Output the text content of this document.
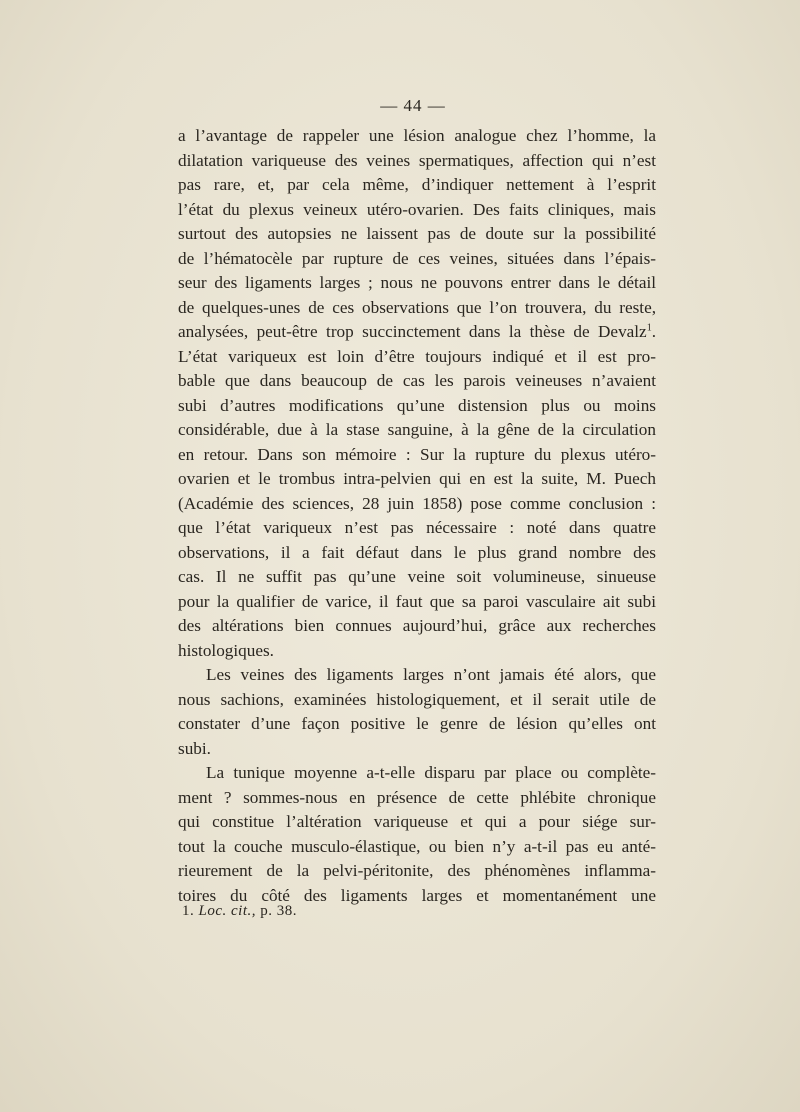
— 44 —

a l’avantage de rappeler une lésion analogue chez l’homme, la

dilatation variqueuse des veines spermatiques, affection qui n’est

pas rare, et, par cela même, d’indiquer nettement à l’esprit

l’état du plexus veineux utéro-ovarien. Des faits cliniques, mais

surtout des autopsies ne laissent pas de doute sur la possibilité

de l’hématocèle par rupture de ces veines, situées dans l’épais-

seur des ligaments larges ; nous ne pouvons entrer dans le détail

de quelques-unes de ces observations que l’on trouvera, du reste,

analysées, peut-être trop succinctement dans la thèse de Devalz$^1$.

L’état variqueux est loin d’être toujours indiqué et il est pro-

bable que dans beaucoup de cas les parois veineuses n’avaient

subi d’autres modifications qu’une distension plus ou moins

considérable, due à la stase sanguine, à la gêne de la circulation

en retour. Dans son mémoire : Sur la rupture du plexus utéro-

ovarien et le trombus intra-pelvien qui en est la suite, M. Puech

(Académie des sciences, 28 juin 1858) pose comme conclusion :

que l’état variqueux n’est pas nécessaire : noté dans quatre

observations, il a fait défaut dans le plus grand nombre des

cas. Il ne suffit pas qu’une veine soit volumineuse, sinueuse

pour la qualifier de varice, il faut que sa paroi vasculaire ait subi

des altérations bien connues aujourd’hui, grâce aux recherches

histologiques.

Les veines des ligaments larges n’ont jamais été alors, que

nous sachions, examinées histologiquement, et il serait utile de

constater d’une façon positive le genre de lésion qu’elles ont

subi.

La tunique moyenne a-t-elle disparu par place ou complète-

ment ? sommes-nous en présence de cette phlébite chronique

qui constitue l’altération variqueuse et qui a pour siége sur-

tout la couche musculo-élastique, ou bien n’y a-t-il pas eu anté-

rieurement de la pelvi-péritonite, des phénomènes inflamma-

toires du côté des ligaments larges et momentanément une

1. Loc. cit., p. 38.
